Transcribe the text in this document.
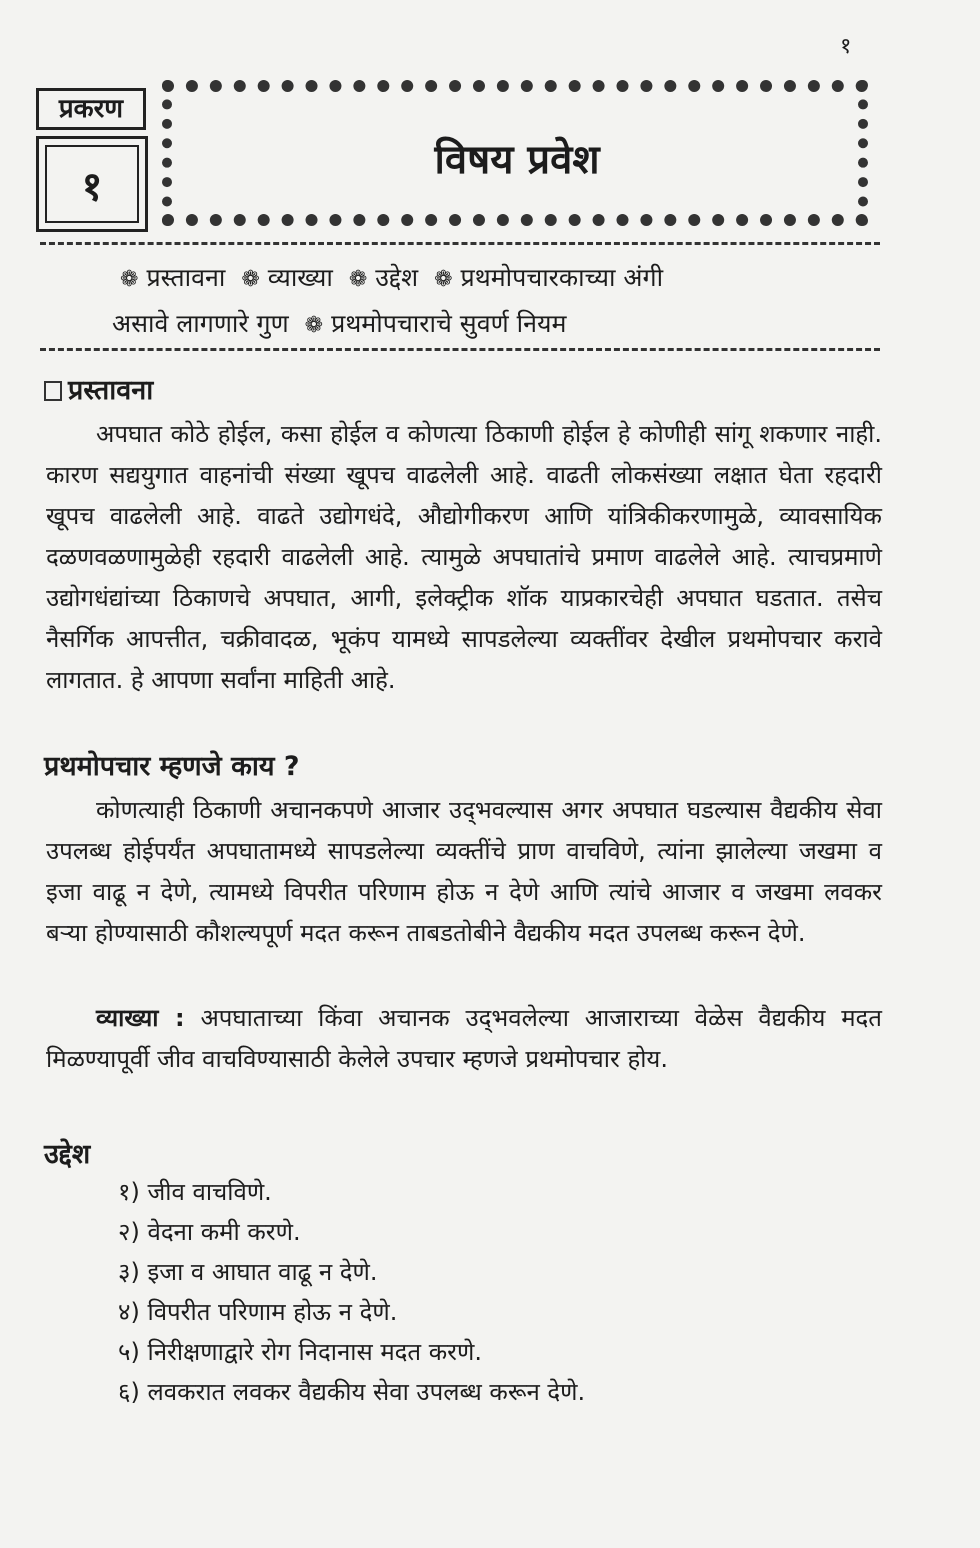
१
प्रकरण
१
विषय प्रवेश
❁ प्रस्तावना ❁ व्याख्या ❁ उद्देश ❁ प्रथमोपचारकाच्या अंगी
असावे लागणारे गुण ❁ प्रथमोपचाराचे सुवर्ण नियम
प्रस्तावना
अपघात कोठे होईल, कसा होईल व कोणत्या ठिकाणी होईल हे कोणीही सांगू शकणार नाही. कारण सद्ययुगात वाहनांची संख्या खूपच वाढलेली आहे. वाढती लोकसंख्या लक्षात घेता रहदारी खूपच वाढलेली आहे. वाढते उद्योगधंदे, औद्योगीकरण आणि यांत्रिकीकरणामुळे, व्यावसायिक दळणवळणामुळेही रहदारी वाढलेली आहे. त्यामुळे अपघातांचे प्रमाण वाढलेले आहे. त्याचप्रमाणे उद्योगधंद्यांच्या ठिकाणचे अपघात, आगी, इलेक्ट्रीक शॉक याप्रकारचेही अपघात घडतात. तसेच नैसर्गिक आपत्तीत, चक्रीवादळ, भूकंप यामध्ये सापडलेल्या व्यक्तींवर देखील प्रथमोपचार करावे लागतात. हे आपणा सर्वांना माहिती आहे.
प्रथमोपचार म्हणजे काय ?
कोणत्याही ठिकाणी अचानकपणे आजार उद्‌भवल्यास अगर अपघात घडल्यास वैद्यकीय सेवा उपलब्ध होईपर्यंत अपघातामध्ये सापडलेल्या व्यक्तींचे प्राण वाचविणे, त्यांना झालेल्या जखमा व इजा वाढू न देणे, त्यामध्ये विपरीत परिणाम होऊ न देणे आणि त्यांचे आजार व जखमा लवकर बऱ्या होण्यासाठी कौशल्यपूर्ण मदत करून ताबडतोबीने वैद्यकीय मदत उपलब्ध करून देणे.
व्याख्या : अपघाताच्या किंवा अचानक उद्‌भवलेल्या आजाराच्या वेळेस वैद्यकीय मदत मिळण्यापूर्वी जीव वाचविण्यासाठी केलेले उपचार म्हणजे प्रथमोपचार होय.
उद्देश
१) जीव वाचविणे.
२) वेदना कमी करणे.
३) इजा व आघात वाढू न देणे.
४) विपरीत परिणाम होऊ न देणे.
५) निरीक्षणाद्वारे रोग निदानास मदत करणे.
६) लवकरात लवकर वैद्यकीय सेवा उपलब्ध करून देणे.
